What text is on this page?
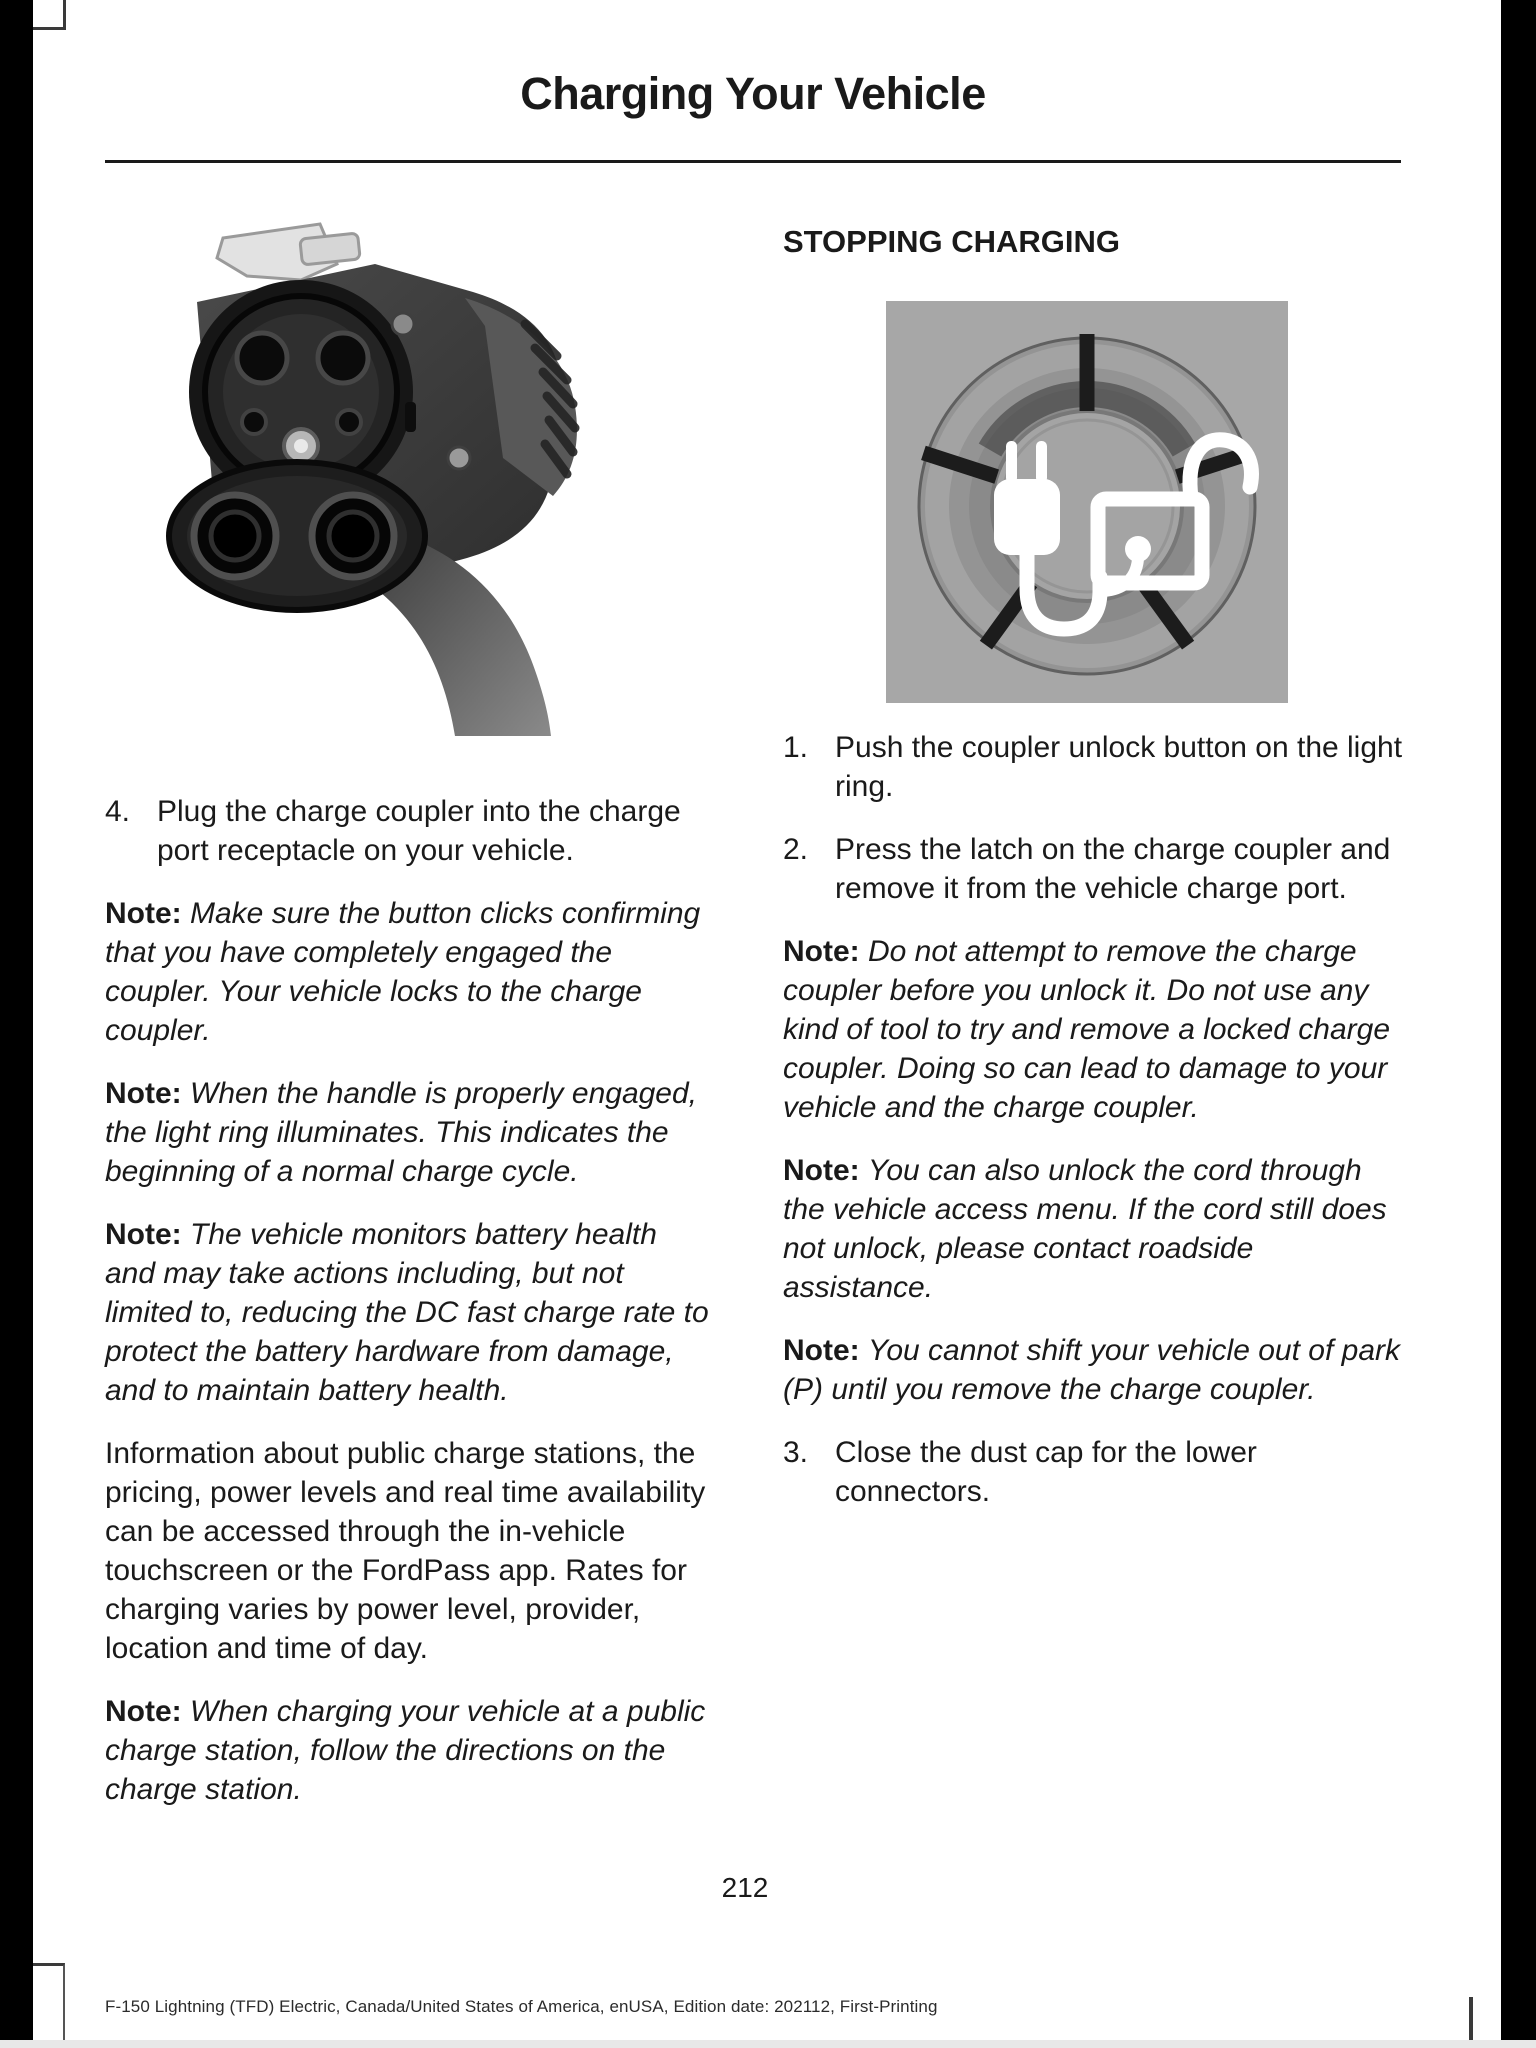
Charging Your Vehicle
4. Plug the charge coupler into the charge port receptacle on your vehicle.

Note: Make sure the button clicks confirming that you have completely engaged the coupler. Your vehicle locks to the charge coupler.

Note: When the handle is properly engaged, the light ring illuminates. This indicates the beginning of a normal charge cycle.

Note: The vehicle monitors battery health and may take actions including, but not limited to, reducing the DC fast charge rate to protect the battery hardware from damage, and to maintain battery health.

Information about public charge stations, the pricing, power levels and real time availability can be accessed through the in-vehicle touchscreen or the FordPass app. Rates for charging varies by power level, provider, location and time of day.

Note: When charging your vehicle at a public charge station, follow the directions on the charge station.

STOPPING CHARGING
1. Push the coupler unlock button on the light ring.
2. Press the latch on the charge coupler and remove it from the vehicle charge port.

Note: Do not attempt to remove the charge coupler before you unlock it. Do not use any kind of tool to try and remove a locked charge coupler. Doing so can lead to damage to your vehicle and the charge coupler.

Note: You can also unlock the cord through the vehicle access menu. If the cord still does not unlock, please contact roadside assistance.

Note: You cannot shift your vehicle out of park (P) until you remove the charge coupler.

3. Close the dust cap for the lower connectors.
212
F-150 Lightning (TFD) Electric, Canada/United States of America, enUSA, Edition date: 202112, First-Printing
